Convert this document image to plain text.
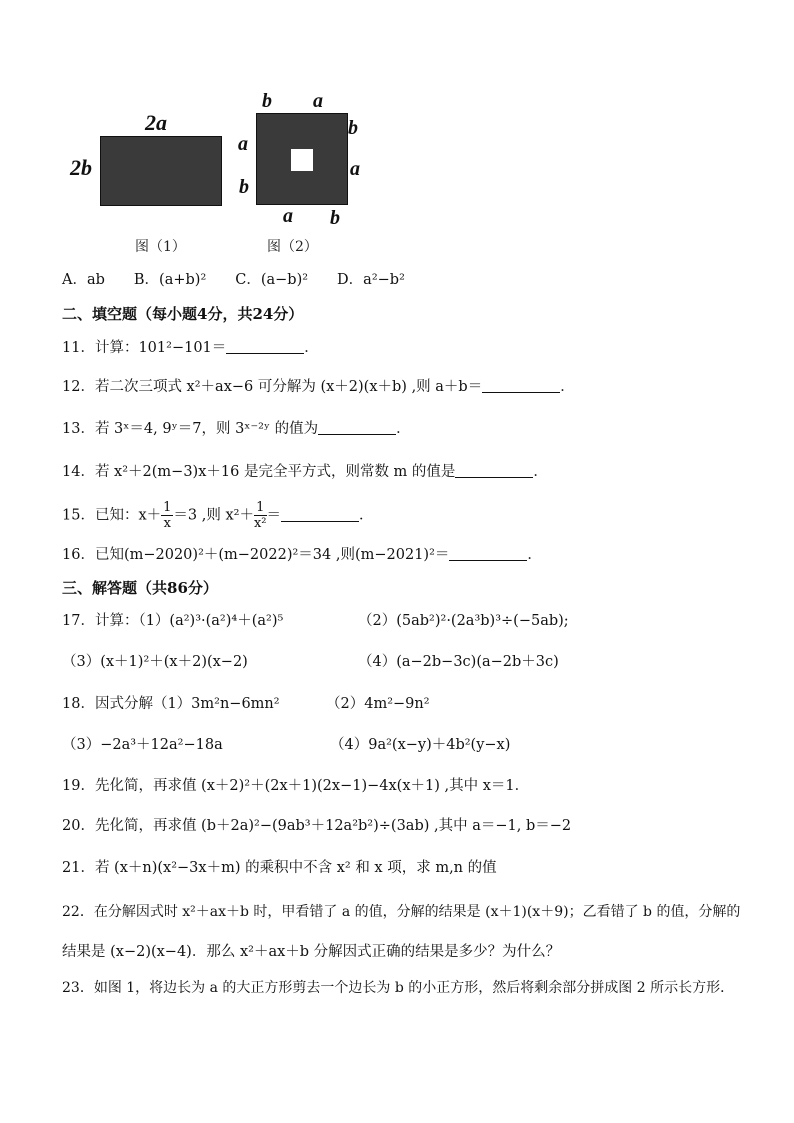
2a
2b
图（1）
b a
b
a
a
b
a b
图（2）
A．ab　　B．(a+b)²　　C．(a−b)²　　D．a²−b²
二、填空题（每小题4分，共24分）
11．计算：101²−101＝	．
12．若二次三项式 x²＋ax−6 可分解为 (x＋2)(x＋b) ,则 a＋b＝	．
13．若 3ˣ＝4, 9ʸ＝7，则 3ˣ⁻²ʸ 的值为	．
14．若 x²＋2(m−3)x＋16 是完全平方式，则常数 m 的值是	．
15．已知：$x+ \frac{1}{x} =3$ ,则 $x^2+ \frac{1}{\text{x²}}$ ＝	．
16．已知(m−2020)²＋(m−2022)²＝34 ,则(m−2021)²＝	．
三、解答题（共86分）
17．计算：（1）(a²)³·(a²)⁴＋(a²)⁵	（2）(5ab²)²·(2a³b)³÷(−5ab);
（3）(x＋1)²＋(x＋2)(x−2)	（4）(a−2b−3c)(a−2b＋3c)
18．因式分解（1）3m²n−6mn²	（2）4m²−9n²
（3）−2a³＋12a²−18a	（4）9a²(x−y)＋4b²(y−x)
19．先化简，再求值 (x＋2)²＋(2x＋1)(2x−1)−4x(x＋1) ,其中 x＝1．
20．先化简，再求值 (b＋2a)²−(9ab³＋12a²b²)÷(3ab) ,其中 a＝−1, b＝−2
21．若 (x＋n)(x²−3x＋m) 的乘积中不含 x² 和 x 项，求 m,n 的值
22．在分解因式时 x²＋ax＋b 时，甲看错了 a 的值，分解的结果是 (x＋1)(x＋9)；乙看错了 b 的值，分解的
结果是 (x−2)(x−4)．那么 x²＋ax＋b 分解因式正确的结果是多少？为什么？
23．如图 1，将边长为 a 的大正方形剪去一个边长为 b 的小正方形，然后将剩余部分拼成图 2 所示长方形．
